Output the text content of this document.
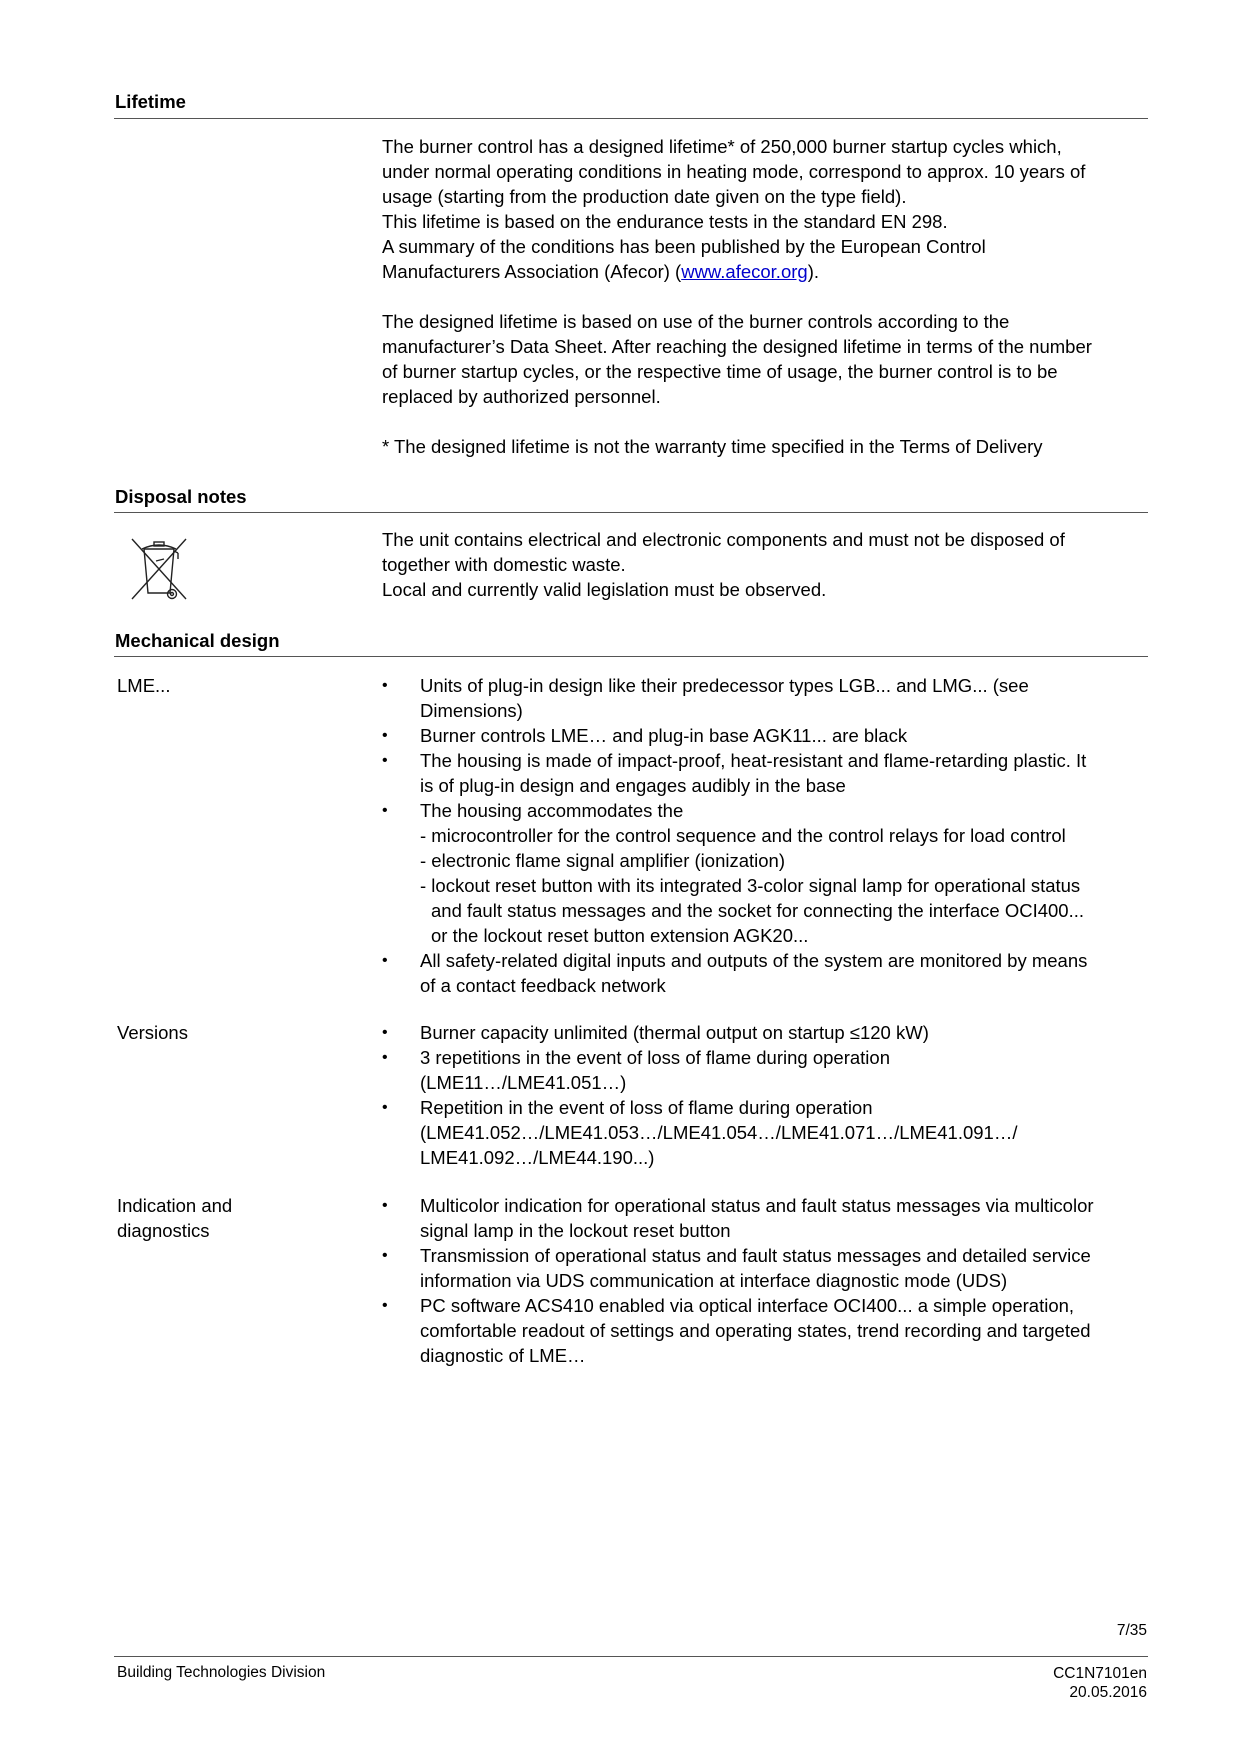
Lifetime
The burner control has a designed lifetime* of 250,000 burner startup cycles which,
under normal operating conditions in heating mode, correspond to approx. 10 years of
usage (starting from the production date given on the type field).
This lifetime is based on the endurance tests in the standard EN 298.
A summary of the conditions has been published by the European Control
Manufacturers Association (Afecor) (www.afecor.org).
The designed lifetime is based on use of the burner controls according to the
manufacturer’s Data Sheet. After reaching the designed lifetime in terms of the number
of burner startup cycles, or the respective time of usage, the burner control is to be
replaced by authorized personnel.
* The designed lifetime is not the warranty time specified in the Terms of Delivery
Disposal notes
The unit contains electrical and electronic components and must not be disposed of
together with domestic waste.
Local and currently valid legislation must be observed.
Mechanical design
LME...	•	Units of plug-in design like their predecessor types LGB... and LMG... (see
Dimensions)
•	Burner controls LME… and plug-in base AGK11... are black
•	The housing is made of impact-proof, heat-resistant and flame-retarding plastic. It
is of plug-in design and engages audibly in the base
•	The housing accommodates the
- microcontroller for the control sequence and the control relays for load control
- electronic flame signal amplifier (ionization)
- lockout reset button with its integrated 3-color signal lamp for operational status
and fault status messages and the socket for connecting the interface OCI400...
or the lockout reset button extension AGK20...
•	All safety-related digital inputs and outputs of the system are monitored by means
of a contact feedback network
Versions	•	Burner capacity unlimited (thermal output on startup ≤120 kW)
•	3 repetitions in the event of loss of flame during operation
(LME11…/LME41.051…)
•	Repetition in the event of loss of flame during operation
(LME41.052…/LME41.053…/LME41.054…/LME41.071…/LME41.091…/
LME41.092…/LME44.190...)
Indication and
diagnostics
•	Multicolor indication for operational status and fault status messages via multicolor
signal lamp in the lockout reset button
•	Transmission of operational status and fault status messages and detailed service
information via UDS communication at interface diagnostic mode (UDS)
•	PC software ACS410 enabled via optical interface OCI400... a simple operation,
comfortable readout of settings and operating states, trend recording and targeted
diagnostic of LME…
7/35
Building Technologies Division	CC1N7101en
20.05.2016
